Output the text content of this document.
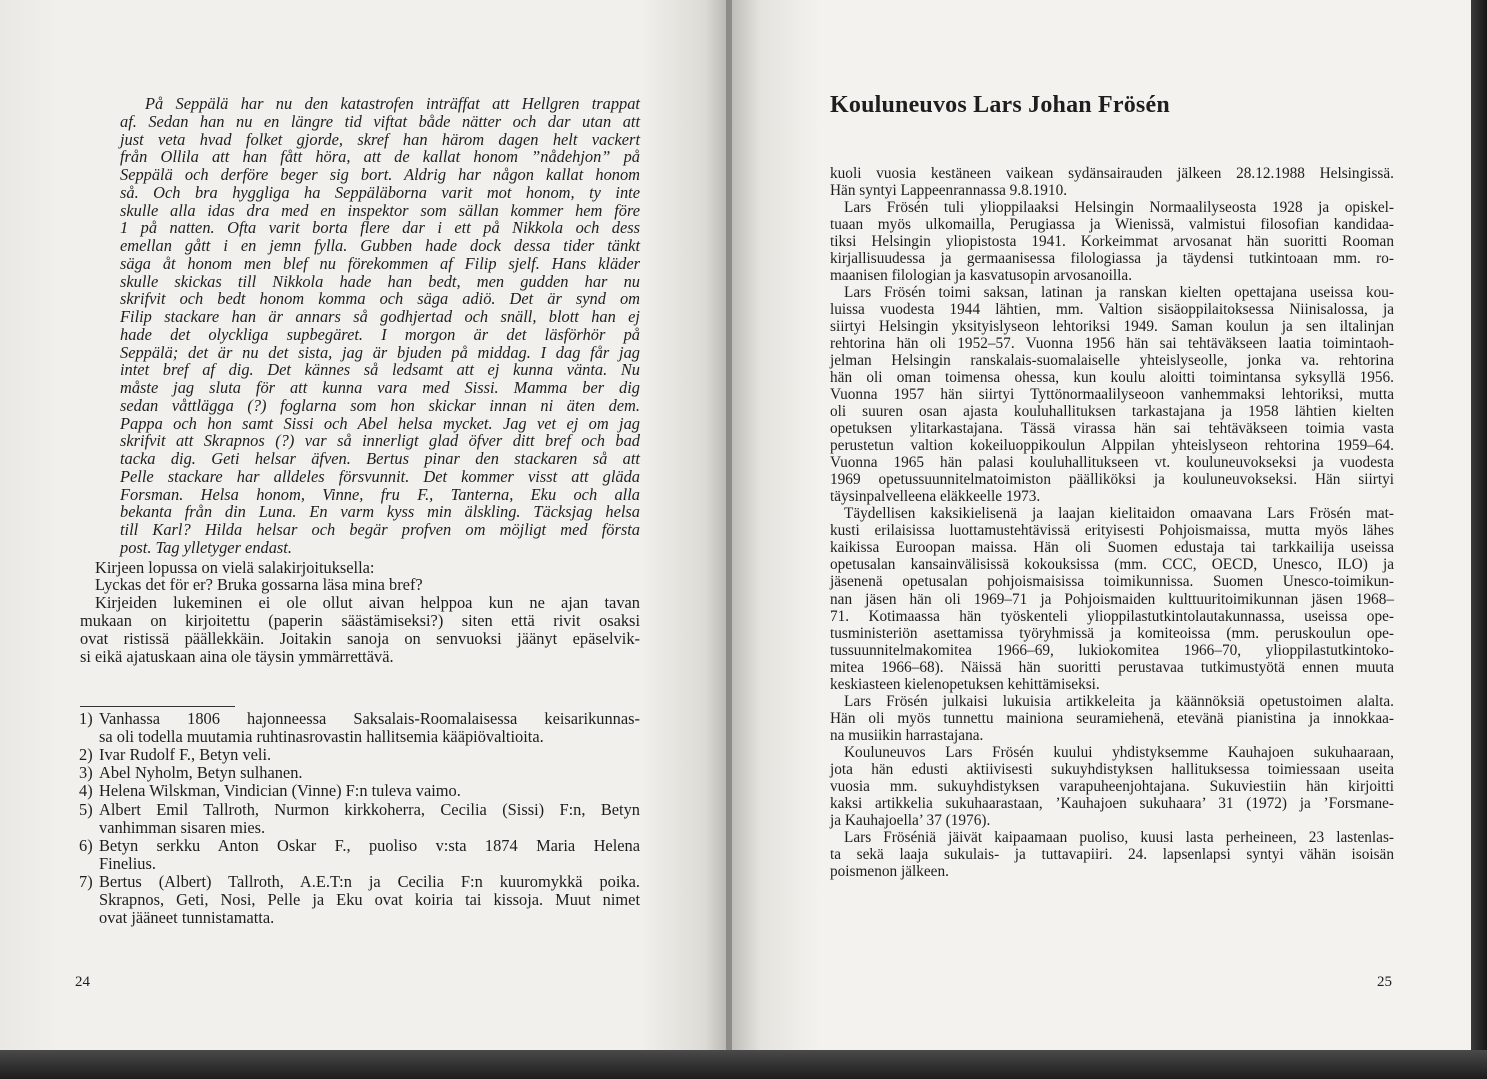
På Seppälä har nu den katastrofen inträffat att Hellgren trappat
af. Sedan han nu en längre tid viftat både nätter och dar utan att
just veta hvad folket gjorde, skref han härom dagen helt vackert
från Ollila att han fått höra, att de kallat honom ”nådehjon” på
Seppälä och derföre beger sig bort. Aldrig har någon kallat honom
så. Och bra hyggliga ha Seppäläborna varit mot honom, ty inte
skulle alla idas dra med en inspektor som sällan kommer hem före
1 på natten. Ofta varit borta flere dar i ett på Nikkola och dess
emellan gått i en jemn fylla. Gubben hade dock dessa tider tänkt
säga åt honom men blef nu förekommen af Filip sjelf. Hans kläder
skulle skickas till Nikkola hade han bedt, men gudden har nu
skrifvit och bedt honom komma och säga adiö. Det är synd om
Filip stackare han är annars så godhjertad och snäll, blott han ej
hade det olyckliga supbegäret. I morgon är det läsförhör på
Seppälä; det är nu det sista, jag är bjuden på middag. I dag får jag
intet bref af dig. Det kännes så ledsamt att ej kunna vänta. Nu
måste jag sluta för att kunna vara med Sissi. Mamma ber dig
sedan våttlägga (?) foglarna som hon skickar innan ni äten dem.
Pappa och hon samt Sissi och Abel helsa mycket. Jag vet ej om jag
skrifvit att Skrapnos (?) var så innerligt glad öfver ditt bref och bad
tacka dig. Geti helsar äfven. Bertus pinar den stackaren så att
Pelle stackare har alldeles försvunnit. Det kommer visst att gläda
Forsman. Helsa honom, Vinne, fru F., Tanterna, Eku och alla
bekanta från din Luna. En varm kyss min älskling. Täcksjag helsa
till Karl? Hilda helsar och begär profven om möjligt med första
post. Tag ylletyger endast.
Kirjeen lopussa on vielä salakirjoituksella:
Lyckas det för er? Bruka gossarna läsa mina bref?
Kirjeiden lukeminen ei ole ollut aivan helppoa kun ne ajan tavan
mukaan on kirjoitettu (paperin säästämiseksi?) siten että rivit osaksi
ovat ristissä päällekkäin. Joitakin sanoja on senvuoksi jäänyt epäselvik-
si eikä ajatuskaan aina ole täysin ymmärrettävä.
1) Vanhassa 1806 hajonneessa Saksalais-Roomalaisessa keisarikunnas-
sa oli todella muutamia ruhtinasrovastin hallitsemia kääpiövaltioita.
2) Ivar Rudolf F., Betyn veli.
3) Abel Nyholm, Betyn sulhanen.
4) Helena Wilskman, Vindician (Vinne) F:n tuleva vaimo.
5) Albert Emil Tallroth, Nurmon kirkkoherra, Cecilia (Sissi) F:n, Betyn
vanhimman sisaren mies.
6) Betyn serkku Anton Oskar F., puoliso v:sta 1874 Maria Helena
Finelius.
7) Bertus (Albert) Tallroth, A.E.T:n ja Cecilia F:n kuuromykkä poika.
Skrapnos, Geti, Nosi, Pelle ja Eku ovat koiria tai kissoja. Muut nimet
ovat jääneet tunnistamatta.
kuoli vuosia kestäneen vaikean sydänsairauden jälkeen 28.12.1988 Helsingissä.
Hän syntyi Lappeenrannassa 9.8.1910.
Lars Frösén tuli ylioppilaaksi Helsingin Normaalilyseosta 1928 ja opiskel-
tuaan myös ulkomailla, Perugiassa ja Wienissä, valmistui filosofian kandidaa-
tiksi Helsingin yliopistosta 1941. Korkeimmat arvosanat hän suoritti Rooman
kirjallisuudessa ja germaanisessa filologiassa ja täydensi tutkintoaan mm. ro-
maanisen filologian ja kasvatusopin arvosanoilla.
Lars Frösén toimi saksan, latinan ja ranskan kielten opettajana useissa kou-
luissa vuodesta 1944 lähtien, mm. Valtion sisäoppilaitoksessa Niinisalossa, ja
siirtyi Helsingin yksityislyseon lehtoriksi 1949. Saman koulun ja sen iltalinjan
rehtorina hän oli 1952–57. Vuonna 1956 hän sai tehtäväkseen laatia toimintaoh-
jelman Helsingin ranskalais-suomalaiselle yhteislyseolle, jonka va. rehtorina
hän oli oman toimensa ohessa, kun koulu aloitti toimintansa syksyllä 1956.
Vuonna 1957 hän siirtyi Tyttönormaalilyseoon vanhemmaksi lehtoriksi, mutta
oli suuren osan ajasta kouluhallituksen tarkastajana ja 1958 lähtien kielten
opetuksen ylitarkastajana. Tässä virassa hän sai tehtäväkseen toimia vasta
perustetun valtion kokeiluoppikoulun Alppilan yhteislyseon rehtorina 1959–64.
Vuonna 1965 hän palasi kouluhallitukseen vt. kouluneuvokseksi ja vuodesta
1969 opetussuunnitelmatoimiston päälliköksi ja kouluneuvokseksi. Hän siirtyi
täysinpalvelleena eläkkeelle 1973.
Täydellisen kaksikielisenä ja laajan kielitaidon omaavana Lars Frösén mat-
kusti erilaisissa luottamustehtävissä erityisesti Pohjoismaissa, mutta myös lähes
kaikissa Euroopan maissa. Hän oli Suomen edustaja tai tarkkailija useissa
opetusalan kansainvälisissä kokouksissa (mm. CCC, OECD, Unesco, ILO) ja
jäsenenä opetusalan pohjoismaisissa toimikunnissa. Suomen Unesco-toimikun-
nan jäsen hän oli 1969–71 ja Pohjoismaiden kulttuuritoimikunnan jäsen 1968–
71. Kotimaassa hän työskenteli ylioppilastutkintolautakunnassa, useissa ope-
tusministeriön asettamissa työryhmissä ja komiteoissa (mm. peruskoulun ope-
tussuunnitelmakomitea 1966–69, lukiokomitea 1966–70, ylioppilastutkintoko-
mitea 1966–68). Näissä hän suoritti perustavaa tutkimustyötä ennen muuta
keskiasteen kielenopetuksen kehittämiseksi.
Lars Frösén julkaisi lukuisia artikkeleita ja käännöksiä opetustoimen alalta.
Hän oli myös tunnettu mainiona seuramiehenä, etevänä pianistina ja innokkaa-
na musiikin harrastajana.
Kouluneuvos Lars Frösén kuului yhdistyksemme Kauhajoen sukuhaaraan,
jota hän edusti aktiivisesti sukuyhdistyksen hallituksessa toimiessaan useita
vuosia mm. sukuyhdistyksen varapuheenjohtajana. Sukuviestiin hän kirjoitti
kaksi artikkelia sukuhaarastaan, ’Kauhajoen sukuhaara’ 31 (1972) ja ’Forsmane-
ja Kauhajoella’ 37 (1976).
Lars Fröséniä jäivät kaipaamaan puoliso, kuusi lasta perheineen, 23 lastenlas-
ta sekä laaja sukulais- ja tuttavapiiri. 24. lapsenlapsi syntyi vähän isoisän
poismenon jälkeen.
Kouluneuvos Lars Johan Frösén
24	25
